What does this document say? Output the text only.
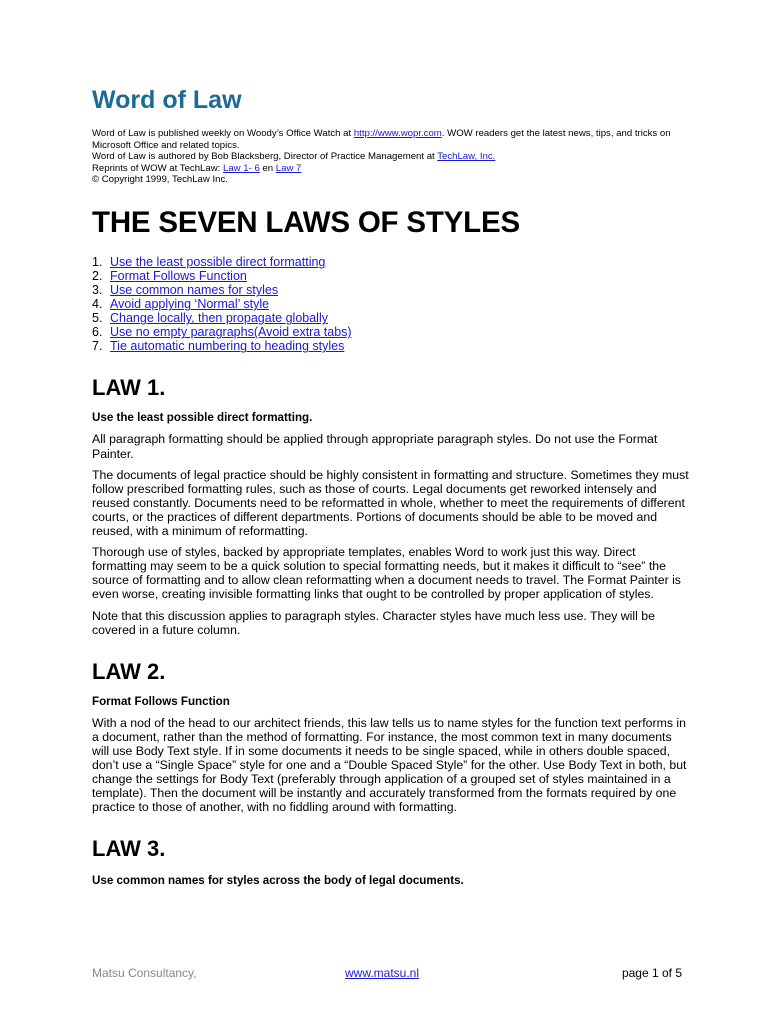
Word of Law

Word of Law is published weekly on Woody’s Office Watch at http://www.wopr.com. WOW readers get the latest news, tips, and tricks on Microsoft Office and related topics.

Word of Law is authored by Bob Blacksberg, Director of Practice Management at TechLaw, Inc.

Reprints of WOW at TechLaw: Law 1- 6 en Law 7

© Copyright 1999, TechLaw Inc.

THE SEVEN LAWS OF STYLES
1. Use the least possible direct formatting
2. Format Follows Function
3. Use common names for styles
4. Avoid applying ‘Normal’ style
5. Change locally, then propagate globally
6. Use no empty paragraphs(Avoid extra tabs)
7. Tie automatic numbering to heading styles
LAW 1.

Use the least possible direct formatting.

All paragraph formatting should be applied through appropriate paragraph styles. Do not use the Format Painter.

The documents of legal practice should be highly consistent in formatting and structure. Sometimes they must follow prescribed formatting rules, such as those of courts. Legal documents get reworked intensely and reused constantly. Documents need to be reformatted in whole, whether to meet the requirements of different courts, or the practices of different departments. Portions of documents should be able to be moved and reused, with a minimum of reformatting.

Thorough use of styles, backed by appropriate templates, enables Word to work just this way. Direct formatting may seem to be a quick solution to special formatting needs, but it makes it difficult to “see” the source of formatting and to allow clean reformatting when a document needs to travel. The Format Painter is even worse, creating invisible formatting links that ought to be controlled by proper application of styles.

Note that this discussion applies to paragraph styles. Character styles have much less use. They will be covered in a future column.

LAW 2.

Format Follows Function

With a nod of the head to our architect friends, this law tells us to name styles for the function text performs in a document, rather than the method of formatting. For instance, the most common text in many documents will use Body Text style. If in some documents it needs to be single spaced, while in others double spaced, don’t use a “Single Space” style for one and a “Double Spaced Style” for the other. Use Body Text in both, but change the settings for Body Text (preferably through application of a grouped set of styles maintained in a template). Then the document will be instantly and accurately transformed from the formats required by one practice to those of another, with no fiddling around with formatting.

LAW 3.

Use common names for styles across the body of legal documents.

Matsu Consultancy,	www.matsu.nl	page 1 of 5
